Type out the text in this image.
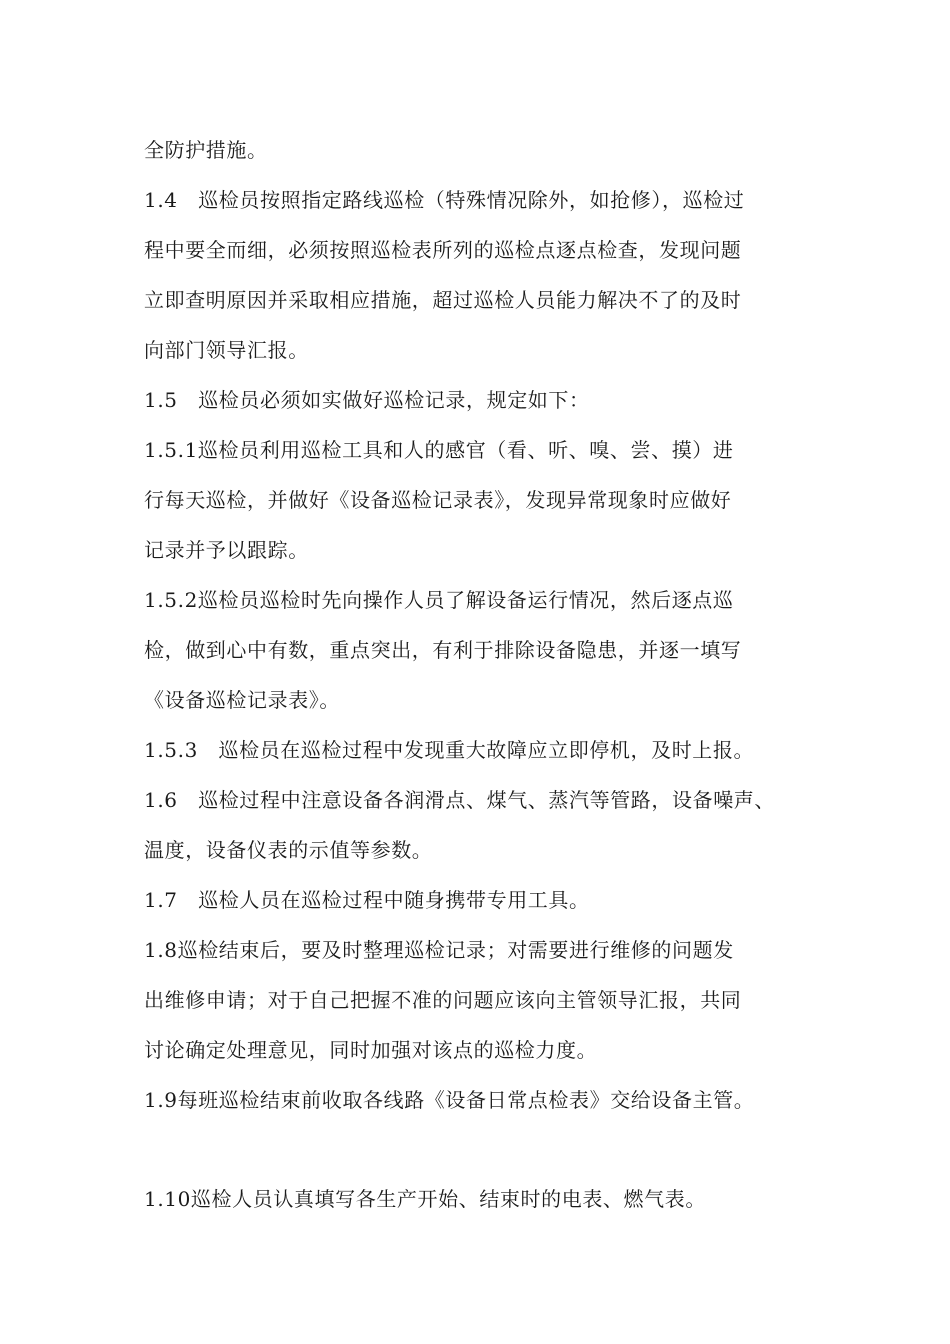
全防护措施。
1.4　巡检员按照指定路线巡检（特殊情况除外，如抢修），巡检过
程中要全而细，必须按照巡检表所列的巡检点逐点检查，发现问题
立即查明原因并采取相应措施，超过巡检人员能力解决不了的及时
向部门领导汇报。
1.5　巡检员必须如实做好巡检记录，规定如下：
1.5.1巡检员利用巡检工具和人的感官（看、听、嗅、尝、摸）进
行每天巡检，并做好《设备巡检记录表》，发现异常现象时应做好
记录并予以跟踪。
1.5.2巡检员巡检时先向操作人员了解设备运行情况，然后逐点巡
检，做到心中有数，重点突出，有利于排除设备隐患，并逐一填写
《设备巡检记录表》。
1.5.3　巡检员在巡检过程中发现重大故障应立即停机，及时上报。
1.6　巡检过程中注意设备各润滑点、煤气、蒸汽等管路，设备噪声、
温度，设备仪表的示值等参数。
1.7　巡检人员在巡检过程中随身携带专用工具。
1.8巡检结束后，要及时整理巡检记录；对需要进行维修的问题发
出维修申请；对于自己把握不准的问题应该向主管领导汇报，共同
讨论确定处理意见，同时加强对该点的巡检力度。
1.9每班巡检结束前收取各线路《设备日常点检表》交给设备主管。
1.10巡检人员认真填写各生产开始、结束时的电表、燃气表。
